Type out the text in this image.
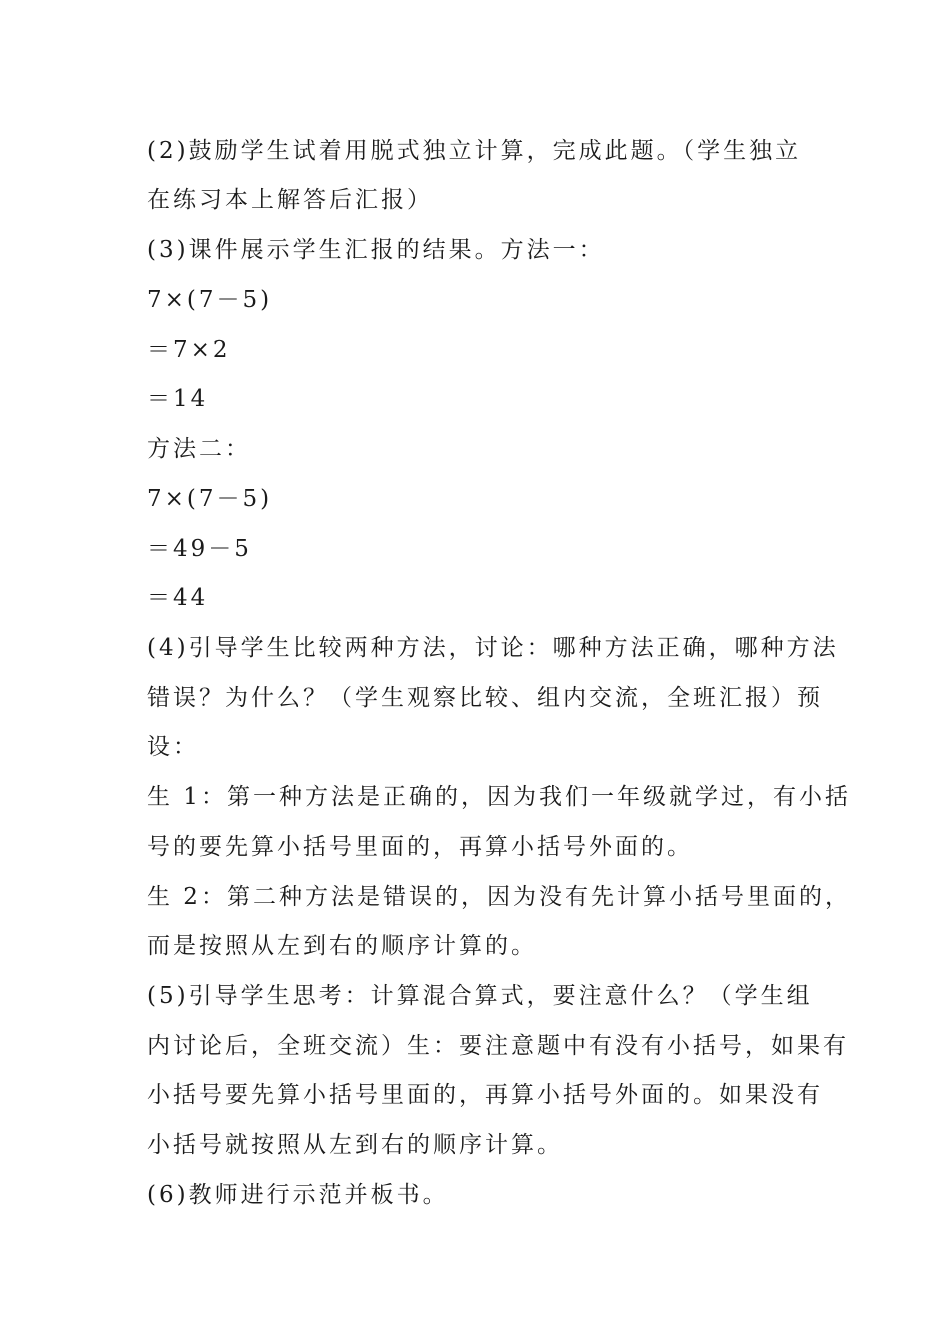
(2)鼓励学生试着用脱式独立计算，完成此题。（学生独立
在练习本上解答后汇报）
(3)课件展示学生汇报的结果。方法一：
7×(7－5)
＝7×2
＝14
方法二：
7×(7－5)
＝49－5
＝44
(4)引导学生比较两种方法，讨论：哪种方法正确，哪种方法
错误？为什么？（学生观察比较、组内交流，全班汇报）预
设：
生 1：第一种方法是正确的，因为我们一年级就学过，有小括
号的要先算小括号里面的，再算小括号外面的。
生 2：第二种方法是错误的，因为没有先计算小括号里面的，
而是按照从左到右的顺序计算的。
(5)引导学生思考：计算混合算式，要注意什么？（学生组
内讨论后，全班交流）生：要注意题中有没有小括号，如果有
小括号要先算小括号里面的，再算小括号外面的。如果没有
小括号就按照从左到右的顺序计算。
(6)教师进行示范并板书。
